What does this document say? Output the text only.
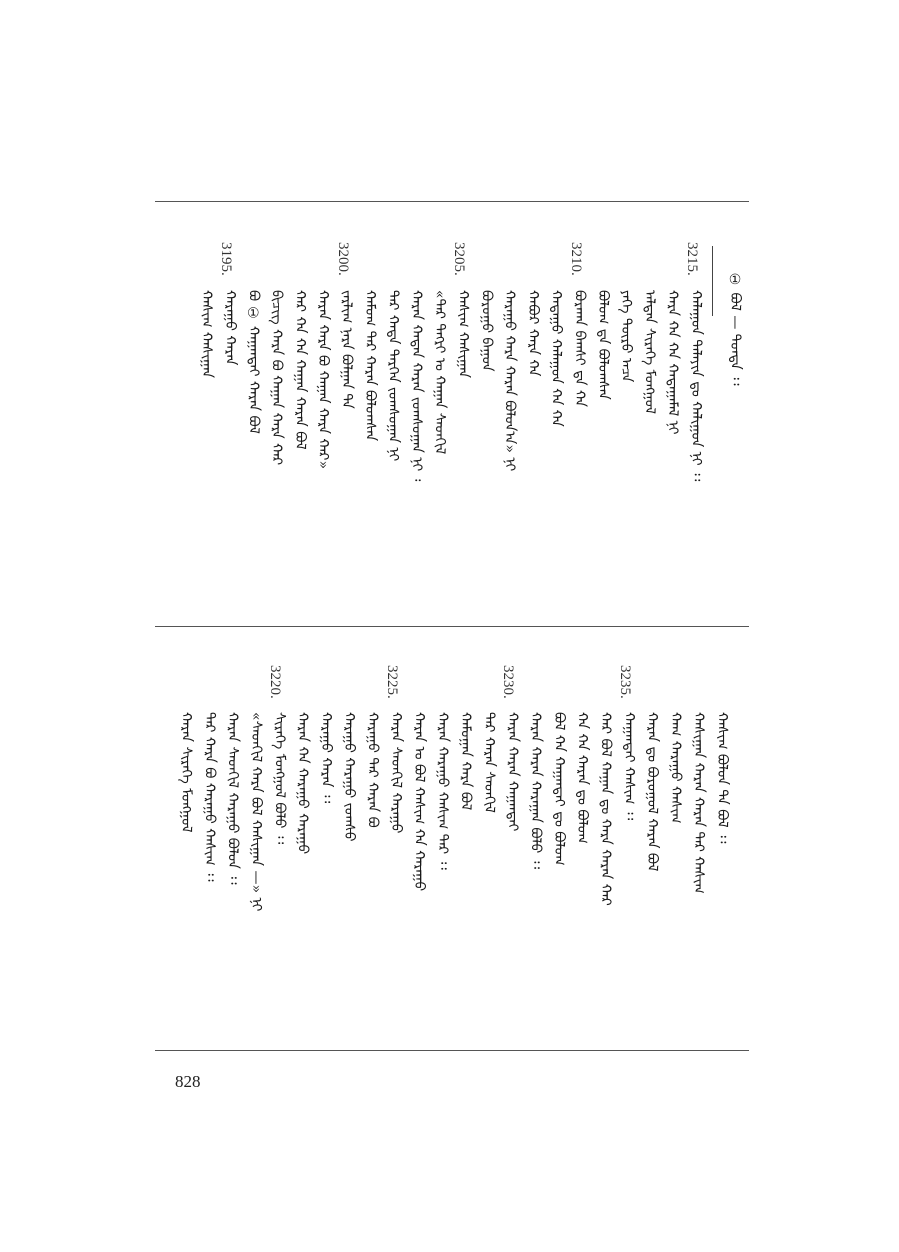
① ᠪᠣᠯ — ᠳᠤᠨᠳᠠ ᠄᠄
3215.
ᠬᠠᠯᠠᠭᠤᠨ ᠳᠠᠯᠠᠶᠢᠨ ᠳᠤ ᠬᠠᠯᠢᠭᠤᠨ ᠨᠢ ᠄᠄
ᠬᠠᠷᠠ ᠬᠠ ᠬᠠ ᠬᠠᠳᠠᠭᠠᠮᠠᠯ ᠨᠢ
ᠠᠯᠲᠠᠨ ᠰᠢᠷᠡᠭᠡ ᠮᠣᠩᠭᠣᠯ
ᠶᠡᠬᠡ ᠲᠦᠷᠦ ᠠᠴᠠ
ᠪᠣᠯᠤᠭ ᠳᠠ ᠪᠣᠯᠤᠭᠰᠠᠨ
3210.
ᠪᠣᠷᠬᠠᠨ ᠪᠠᠭᠰᠢ ᠳᠠ ᠬᠠ
ᠬᠠᠳᠠᠭᠤ ᠬᠠᠯᠠᠭᠤᠨ ᠬᠠ ᠬᠠ
ᠬᠠᠪᠤᠷ ᠬᠠᠷᠠ ᠬᠠ
ᠬᠠᠷᠠᠭᠤ ᠬᠠᠷᠠ ᠬᠠᠷᠠᠨ ᠪᠣᠯᠤᠨ᠎ᠠ» ᠨᠢ
ᠪᠣᠷᠣᠭᠣ ᠪᠠᠭᠤᠨ
3205.
ᠬᠠᠰᠢᠭ ᠬᠠᠰᠢᠭᠠᠨ
«ᠲᠡᠷ ᠲᠡᠭᠷᠢ ᠣ ᠬᠠᠭᠠᠨ ᠰᠡᠳᠬᠢᠯ
ᠬᠠᠷᠠᠨ ᠬᠠᠳᠠᠨ ᠬᠠᠷᠠᠨ ᠵᠣᠭᠰᠣᠭᠠᠨ ᠨᠢ ᠄
ᠲᠡᠷ ᠬᠠᠳᠠ ᠲᠡᠷᠭᠡᠨ ᠵᠣᠭᠰᠣᠭᠠᠨ ᠨᠢ
ᠬᠠᠮᠤᠭ ᠲᠡᠷ ᠬᠠᠷᠠᠨ ᠪᠣᠯᠤᠭᠰᠠᠨ
3200.
ᠵᠠᠷᠯᠢᠭ ᠨᠡᠷᠡ ᠪᠣᠯᠭᠠᠨ ᠲᠡ
ᠬᠠᠷᠠᠨ ᠬᠠᠷᠠ ᠪᠣ ᠬᠠᠭᠠᠨ ᠬᠠᠷᠠ ᠬᠠᠷ»
ᠬᠠᠷ ᠬᠠ ᠬᠠ ᠬᠠᠭᠠᠨ ᠬᠠᠷᠠᠨ ᠪᠣᠯ
ᠪᠢᠴᠢᠭ ᠬᠠᠷᠠ ᠪᠣ ᠬᠠᠭᠠᠨ ᠬᠠᠷᠠ ᠬᠠᠷ
ᠪᠣ ① ᠬᠠᠭᠠᠨᠲᠠᠢ ᠬᠠᠷᠠᠨ ᠪᠣᠯ
3195.
ᠬᠠᠷᠠᠭᠤ ᠬᠠᠷᠠᠨ
ᠬᠠᠰᠢᠭ ᠬᠠᠰᠢᠭᠠᠨ
ᠬᠠᠰᠢᠭ ᠪᠣᠯᠤᠨ ᠲᠡ ᠪᠣᠯ ᠄᠄
ᠬᠠᠰᠢᠭᠠᠨ ᠬᠠᠷᠠᠨ ᠬᠠᠷᠠᠨ ᠲᠡᠷ ᠬᠠᠰᠢᠭ
ᠬᠠᠭ ᠬᠠᠷᠠᠭᠤ ᠬᠠᠰᠢᠭ
ᠬᠠᠷᠠᠨ ᠳᠤ ᠪᠣᠷᠣᠭᠣᠯ ᠬᠠᠷᠠᠨ ᠪᠣᠯ
3235.
ᠬᠠᠭᠠᠨᠲᠠᠢ ᠬᠠᠰᠢᠭ ᠄᠄
ᠬᠠᠷ ᠪᠣᠯ ᠬᠠᠭᠠᠨ ᠳᠤ ᠬᠠᠷᠠ ᠬᠠᠷᠠᠨ ᠬᠠᠷ
ᠬᠠ ᠬᠠ ᠬᠠᠷᠠᠨ ᠳᠤ ᠪᠣᠯᠤᠭ
ᠪᠣᠯ ᠬᠠ ᠬᠠᠭᠠᠨᠲᠠᠢ ᠳᠤ ᠪᠣᠯᠤᠭ
ᠬᠠᠷᠠᠨ ᠬᠠᠷᠠᠨ ᠬᠠᠷᠠᠭᠠᠨ ᠪᠣᠯᠤ ᠄᠄
3230.
ᠬᠠᠷᠠᠨ ᠬᠠᠷᠠᠨ ᠬᠠᠭᠠᠨᠲᠠᠢ
ᠲᠡᠷ ᠬᠠᠷᠠᠨ ᠰᠡᠳᠬᠢᠯ
ᠬᠠᠮᠤᠭᠠᠨ ᠬᠠᠷᠠ ᠪᠣᠯ
ᠬᠠᠷᠠᠨ ᠬᠠᠷᠠᠭᠤ ᠬᠠᠰᠢᠭ ᠲᠡᠷ ᠄᠄
ᠬᠠᠷᠠᠨ ᠣ ᠪᠣᠯ ᠬᠠᠰᠢᠭ ᠬᠠ ᠬᠠᠷᠠᠭᠤ
3225.
ᠬᠠᠷᠠᠨ ᠰᠡᠳᠬᠢᠯ ᠬᠠᠷᠠᠭᠤ
ᠬᠠᠷᠠᠭᠤ ᠲᠡᠷ ᠬᠠᠷᠠᠨ ᠪᠣ
ᠬᠠᠷᠠᠭᠤ ᠬᠠᠷᠠᠭᠤ ᠵᠣᠭᠰᠣ
ᠬᠠᠷᠠᠭᠤ ᠬᠠᠷᠠᠨ ᠄᠄
ᠬᠠᠷᠠᠨ ᠬᠠ ᠬᠠᠷᠠᠭᠤ ᠬᠠᠷᠠᠭᠤ
3220.
ᠰᠢᠷᠡᠭᠡ ᠮᠣᠩᠭᠣᠯ ᠪᠣᠯᠤ ᠄᠄
«ᠰᠡᠳᠬᠢᠯ ᠬᠠᠷᠠ ᠪᠣᠯ ᠬᠠᠰᠢᠭᠠᠨ —» ᠨᠢ
ᠬᠠᠷᠠᠨ ᠰᠡᠳᠬᠢᠯ ᠬᠠᠷᠠᠭᠤ ᠪᠣᠯᠤᠨ ᠄᠄
ᠲᠡᠷ ᠬᠠᠷᠠ ᠪᠣ ᠬᠠᠷᠠᠭᠤ ᠬᠠᠰᠢᠭ ᠄᠄
ᠬᠠᠷᠠᠨ ᠰᠢᠷᠡᠭᠡ ᠮᠣᠩᠭᠣᠯ
828
